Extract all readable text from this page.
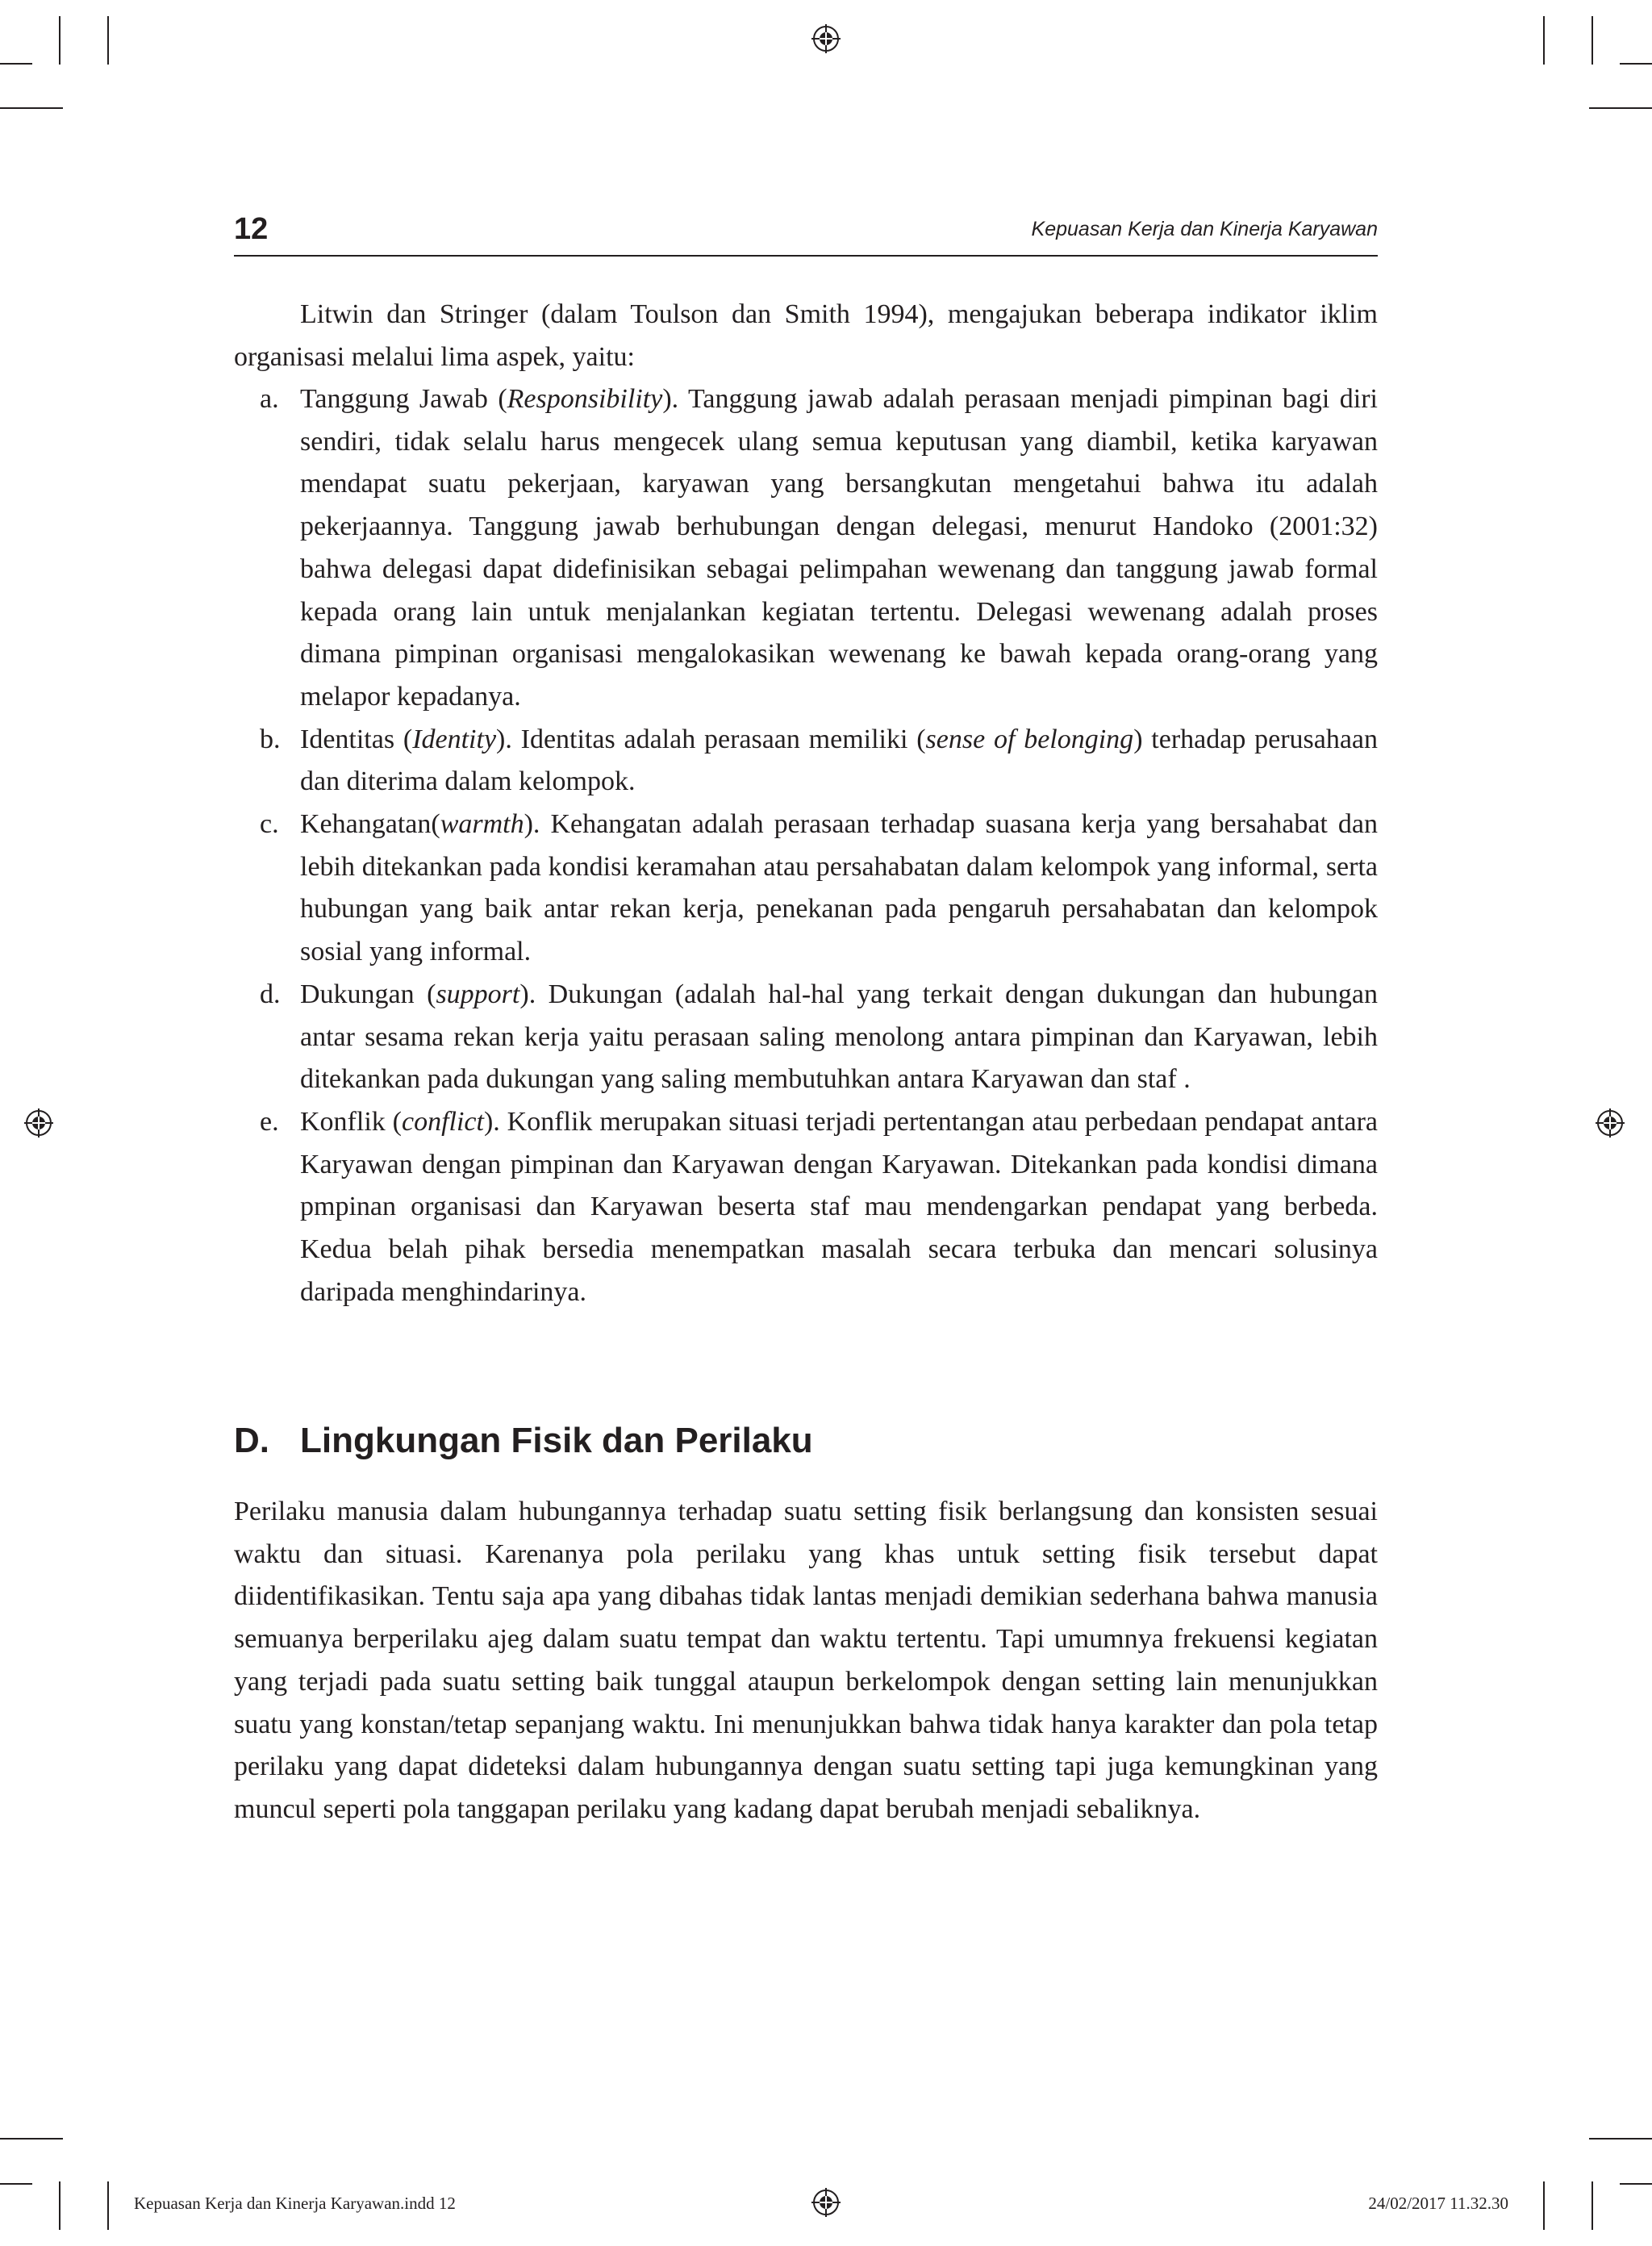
12	Kepuasan Kerja dan Kinerja Karyawan

Litwin dan Stringer (dalam Toulson dan Smith 1994), mengajukan beberapa indikator iklim organisasi melalui lima aspek, yaitu:

a. Tanggung Jawab (Responsibility). Tanggung jawab adalah perasaan menjadi pimpinan bagi diri sendiri, tidak selalu harus mengecek ulang semua keputusan yang diambil, ketika karyawan mendapat suatu pekerjaan, karyawan yang bersangkutan mengetahui bahwa itu adalah pekerjaannya. Tanggung jawab berhubungan dengan delegasi, menurut Handoko (2001:32) bahwa delegasi dapat didefinisikan sebagai pelimpahan wewenang dan tanggung jawab formal kepada orang lain untuk menjalankan kegiatan tertentu. Delegasi wewenang adalah proses dimana pimpinan organisasi mengalokasikan wewenang ke bawah kepada orang-orang yang melapor kepadanya.
b. Identitas (Identity). Identitas adalah perasaan memiliki (sense of belonging) terhadap perusahaan dan diterima dalam kelompok.
c. Kehangatan(warmth). Kehangatan adalah perasaan terhadap suasana kerja yang bersahabat dan lebih ditekankan pada kondisi keramahan atau persahabatan dalam kelompok yang informal, serta hubungan yang baik antar rekan kerja, penekanan pada pengaruh persahabatan dan kelompok sosial yang informal.
d. Dukungan (support). Dukungan (adalah hal-hal yang terkait dengan dukungan dan hubungan antar sesama rekan kerja yaitu perasaan saling menolong antara pimpinan dan Karyawan, lebih ditekankan pada dukungan yang saling membutuhkan antara Karyawan dan staf .
e. Konflik (conflict). Konflik merupakan situasi terjadi pertentangan atau perbedaan pendapat antara Karyawan dengan pimpinan dan Karyawan dengan Karyawan. Ditekankan pada kondisi dimana pmpinan organisasi dan Karyawan beserta staf mau mendengarkan pendapat yang berbeda. Kedua belah pihak bersedia menempatkan masalah secara terbuka dan mencari solusinya daripada menghindarinya.
D. Lingkungan Fisik dan Perilaku

Perilaku manusia dalam hubungannya terhadap suatu setting fisik berlangsung dan konsisten sesuai waktu dan situasi. Karenanya pola perilaku yang khas untuk setting fisik tersebut dapat diidentifikasikan. Tentu saja apa yang dibahas tidak lantas menjadi demikian sederhana bahwa manusia semuanya berperilaku ajeg dalam suatu tempat dan waktu tertentu. Tapi umumnya frekuensi kegiatan yang terjadi pada suatu setting baik tunggal ataupun berkelompok dengan setting lain menunjukkan suatu yang konstan/tetap sepanjang waktu. Ini menunjukkan bahwa tidak hanya karakter dan pola tetap perilaku yang dapat dideteksi dalam hubungannya dengan suatu setting tapi juga kemungkinan yang muncul seperti pola tanggapan perilaku yang kadang dapat berubah menjadi sebaliknya.

Kepuasan Kerja dan Kinerja Karyawan.indd 12	24/02/2017 11.32.30
